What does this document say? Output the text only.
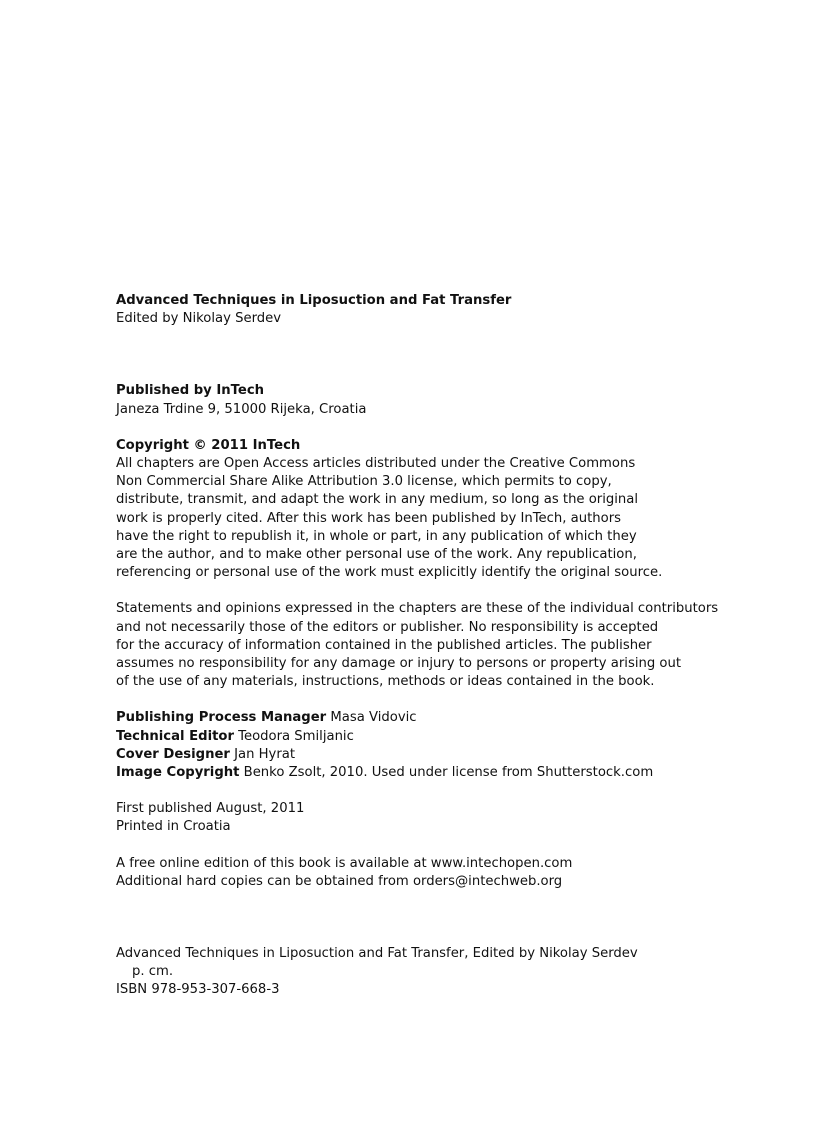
Advanced Techniques in Liposuction and Fat Transfer
Edited by Nikolay Serdev
Published by InTech
Janeza Trdine 9, 51000 Rijeka, Croatia
Copyright © 2011 InTech
All chapters are Open Access articles distributed under the Creative Commons
Non Commercial Share Alike Attribution 3.0 license, which permits to copy,
distribute, transmit, and adapt the work in any medium, so long as the original
work is properly cited. After this work has been published by InTech, authors
have the right to republish it, in whole or part, in any publication of which they
are the author, and to make other personal use of the work. Any republication,
referencing or personal use of the work must explicitly identify the original source.
Statements and opinions expressed in the chapters are these of the individual contributors
and not necessarily those of the editors or publisher. No responsibility is accepted
for the accuracy of information contained in the published articles. The publisher
assumes no responsibility for any damage or injury to persons or property arising out
of the use of any materials, instructions, methods or ideas contained in the book.
Publishing Process Manager Masa Vidovic
Technical Editor Teodora Smiljanic
Cover Designer Jan Hyrat
Image Copyright Benko Zsolt, 2010. Used under license from Shutterstock.com
First published August, 2011
Printed in Croatia
A free online edition of this book is available at www.intechopen.com
Additional hard copies can be obtained from orders@intechweb.org
Advanced Techniques in Liposuction and Fat Transfer, Edited by Nikolay Serdev
p. cm.
ISBN 978-953-307-668-3
